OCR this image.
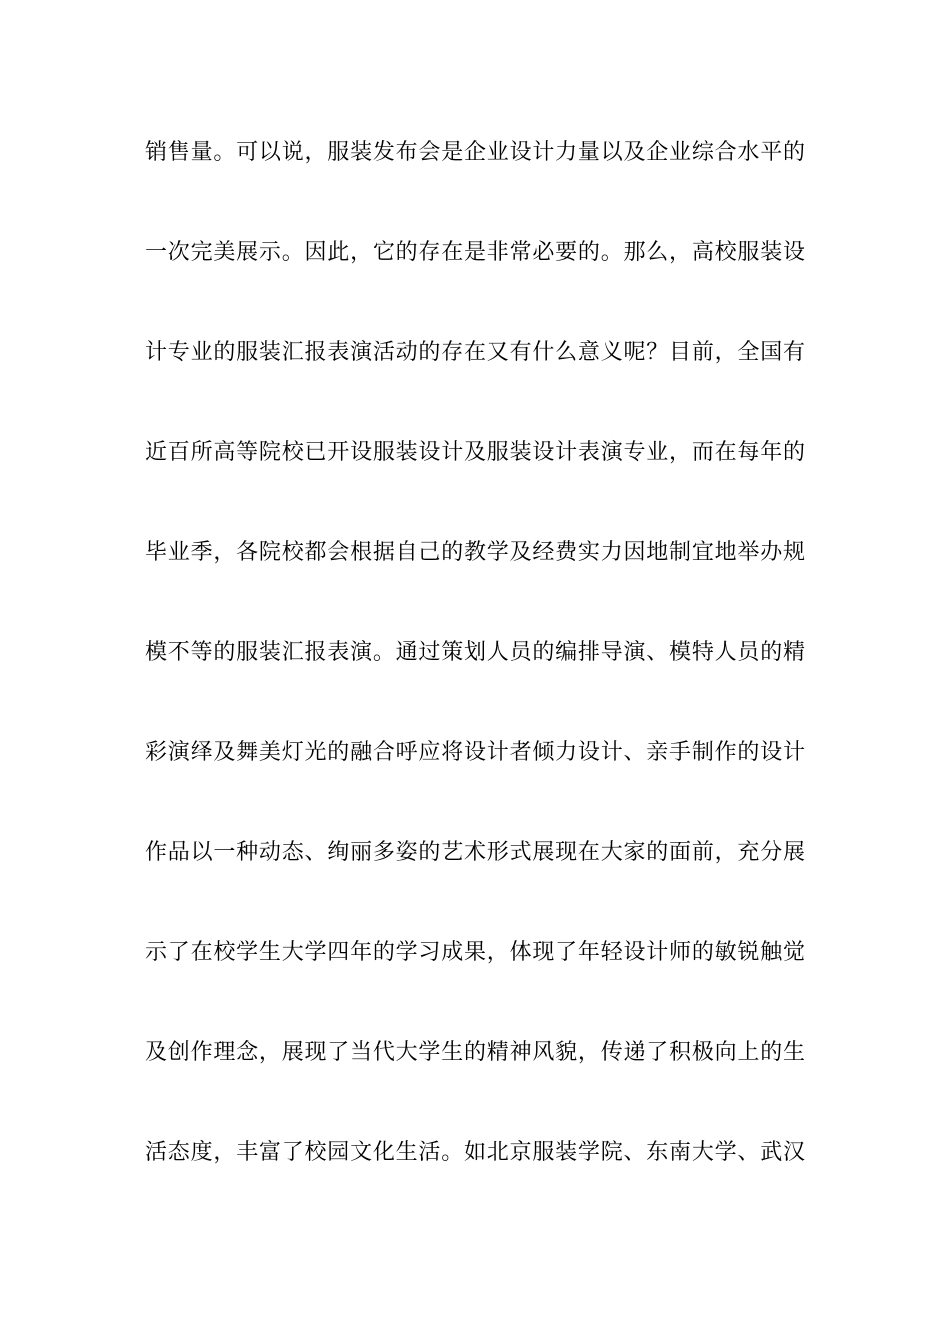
销售量。可以说，服装发布会是企业设计力量以及企业综合水平的
一次完美展示。因此，它的存在是非常必要的。那么，高校服装设
计专业的服装汇报表演活动的存在又有什么意义呢？目前，全国有
近百所高等院校已开设服装设计及服装设计表演专业，而在每年的
毕业季，各院校都会根据自己的教学及经费实力因地制宜地举办规
模不等的服装汇报表演。通过策划人员的编排导演、模特人员的精
彩演绎及舞美灯光的融合呼应将设计者倾力设计、亲手制作的设计
作品以一种动态、绚丽多姿的艺术形式展现在大家的面前，充分展
示了在校学生大学四年的学习成果，体现了年轻设计师的敏锐触觉
及创作理念，展现了当代大学生的精神风貌，传递了积极向上的生
活态度，丰富了校园文化生活。如北京服装学院、东南大学、武汉
